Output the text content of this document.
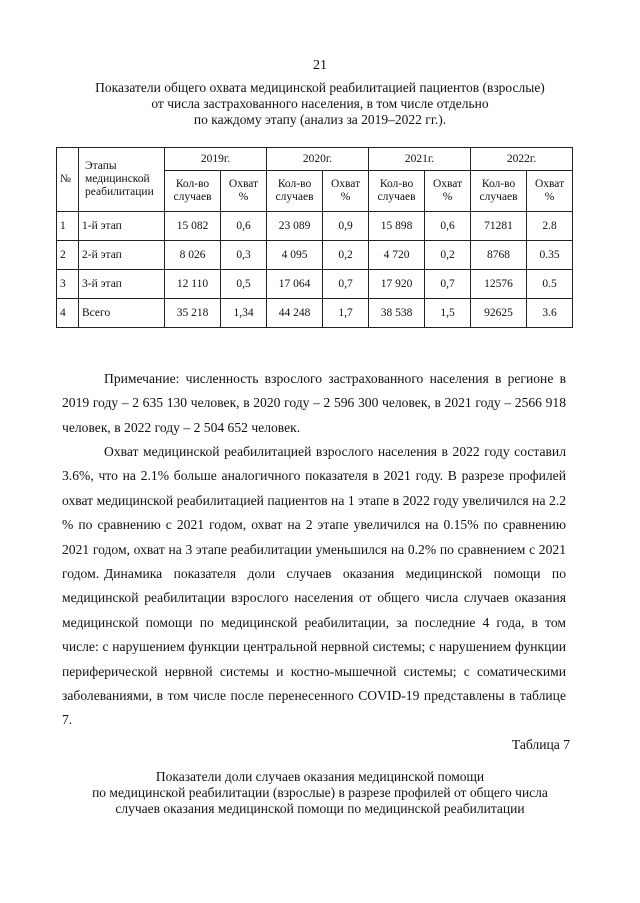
21
Показатели общего охвата медицинской реабилитацией пациентов (взрослые)
от числа застрахованного населения, в том числе отдельно
по каждому этапу (анализ за 2019–2022 гг.).
№	Этапы медицинской реабилитации	2019г.		2020г.		2021г.		2022г.	
		Кол-во случаев	Охват %	Кол-во случаев	Охват %	Кол-во случаев	Охват %	Кол-во случаев	Охват %
1	1-й этап	15 082	0,6	23 089	0,9	15 898	0,6	71281	2.8
2	2-й этап	8 026	0,3	4 095	0,2	4 720	0,2	8768	0.35
3	3-й этап	12 110	0,5	17 064	0,7	17 920	0,7	12576	0.5
4	Всего	35 218	1,34	44 248	1,7	38 538	1,5	92625	3.6

Примечание: численность взрослого застрахованного населения в регионе в 2019 году – 2 635 130 человек, в 2020 году – 2 596 300 человек, в 2021 году – 2566 918 человек, в 2022 году – 2 504 652 человек.

Охват медицинской реабилитацией взрослого населения в 2022 году составил 3.6%, что на 2.1% больше аналогичного показателя в 2021 году. В разрезе профилей охват медицинской реабилитацией пациентов на 1 этапе в 2022 году увеличился на 2.2 % по сравнению с 2021 годом, охват на 2 этапе увеличился на 0.15% по сравнению 2021 годом, охват на 3 этапе реабилитации уменьшился на 0.2% по сравнением с 2021 годом. Динамика показателя доли случаев оказания медицинской помощи по медицинской реабилитации взрослого населения от общего числа случаев оказания медицинской помощи по медицинской реабилитации, за последние 4 года, в том числе: с нарушением функции центральной нервной системы; с нарушением функции периферической нервной системы и костно-мышечной системы; с соматическими заболеваниями, в том числе после перенесенного COVID-19 представлены в таблице 7.

Таблица 7
Показатели доли случаев оказания медицинской помощи
по медицинской реабилитации (взрослые) в разрезе профилей от общего числа
случаев оказания медицинской помощи по медицинской реабилитации
